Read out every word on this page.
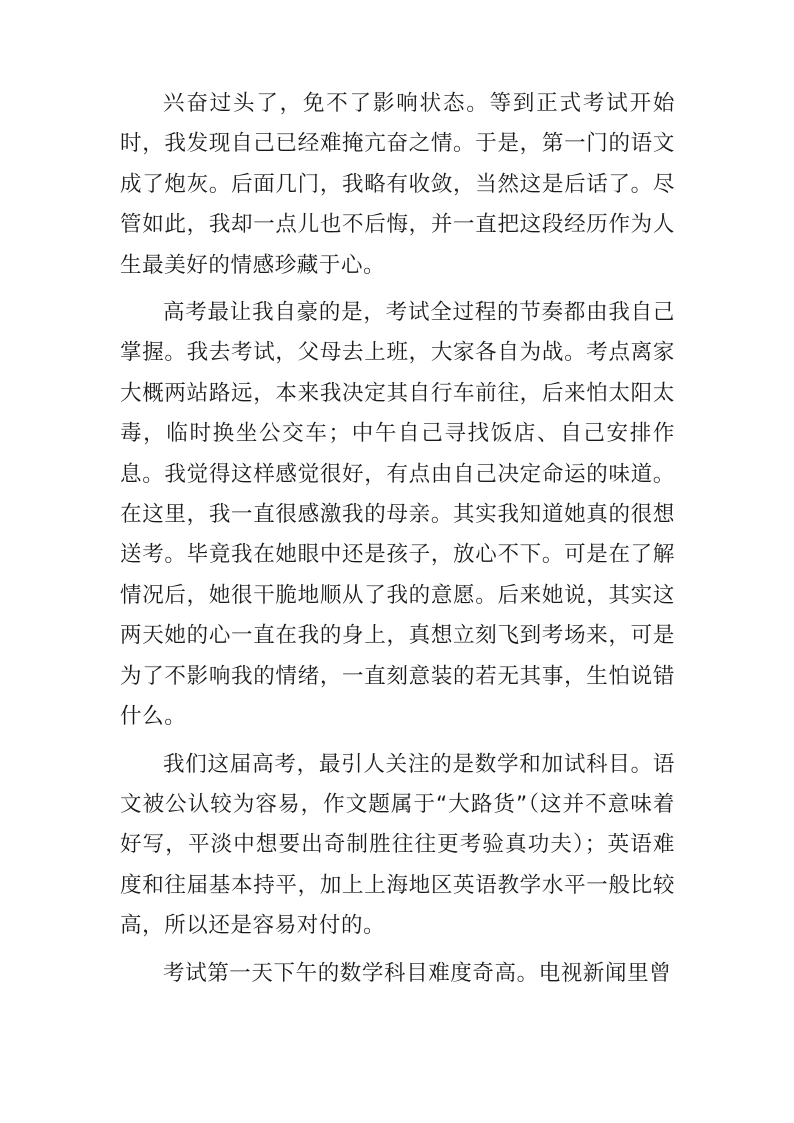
兴奋过头了，免不了影响状态。等到正式考试开始时，我发现自己已经难掩亢奋之情。于是，第一门的语文成了炮灰。后面几门，我略有收敛，当然这是后话了。尽管如此，我却一点儿也不后悔，并一直把这段经历作为人生最美好的情感珍藏于心。

高考最让我自豪的是，考试全过程的节奏都由我自己掌握。我去考试，父母去上班，大家各自为战。考点离家大概两站路远，本来我决定其自行车前往，后来怕太阳太毒，临时换坐公交车；中午自己寻找饭店、自己安排作息。我觉得这样感觉很好，有点由自己决定命运的味道。在这里，我一直很感激我的母亲。其实我知道她真的很想送考。毕竟我在她眼中还是孩子，放心不下。可是在了解情况后，她很干脆地顺从了我的意愿。后来她说，其实这两天她的心一直在我的身上，真想立刻飞到考场来，可是为了不影响我的情绪，一直刻意装的若无其事，生怕说错什么。

我们这届高考，最引人关注的是数学和加试科目。语文被公认较为容易，作文题属于“大路货”（这并不意味着好写，平淡中想要出奇制胜往往更考验真功夫）；英语难度和往届基本持平，加上上海地区英语教学水平一般比较高，所以还是容易对付的。

考试第一天下午的数学科目难度奇高。电视新闻里曾
